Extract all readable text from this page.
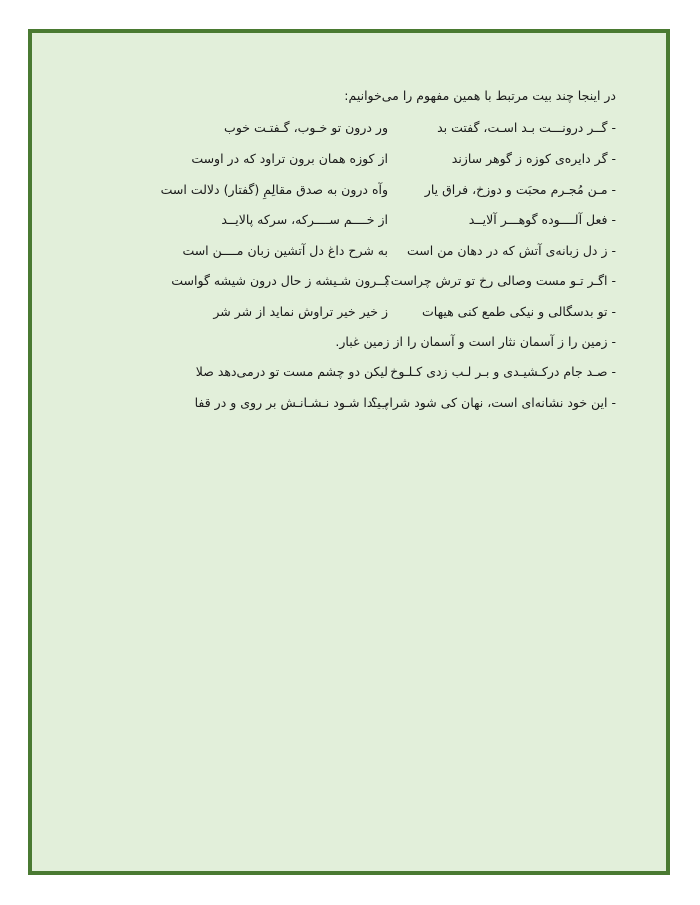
در اینجا چند بیت مرتبط با همین مفهوم را می‌خوانیم:
- گــر درونـــت بـد اسـت، گفتت بد
ور درون تو خـوب، گـفتـت خوب
- گر دایره‌ی کوزه ز گوهر سازند
از کوزه همان برون تراود که در اوست
- مـن مُجـرم محبَت و دوزخ، فراق یار
وآه درون به صدق مقالِمِ (گفتار) دلالت است
- فعل آلــــوده گوهـــر آلایــد
از خــــم ســــرکه، سرکه پالایــد
- ز دل زبانه‌ی آتش که در دهان من است
به شرح داغ دل آتشین زبان مــــن است
- اگـر تـو مست وصالی رخ تو ترش چراست؟
بــرون شـیشه ز حال درون شیشه گواست
- تو بدسگالی و نیکی طمع کنی هیهات
ز خیر خیر تراوش نماید از شر شر
- زمین را ز آسمان نثار است و آسمان را از زمین غبار.
- صـد جام درکـشیـدی و بـر لـب زدی کـلـوخ
لیکن دو چشم مست تو درمی‌دهد صلا
- این خود نشانه‌ای است، نهان کی شود شراب؟
پـیـدا شـود نـشـانـش بر روی و در قفا
